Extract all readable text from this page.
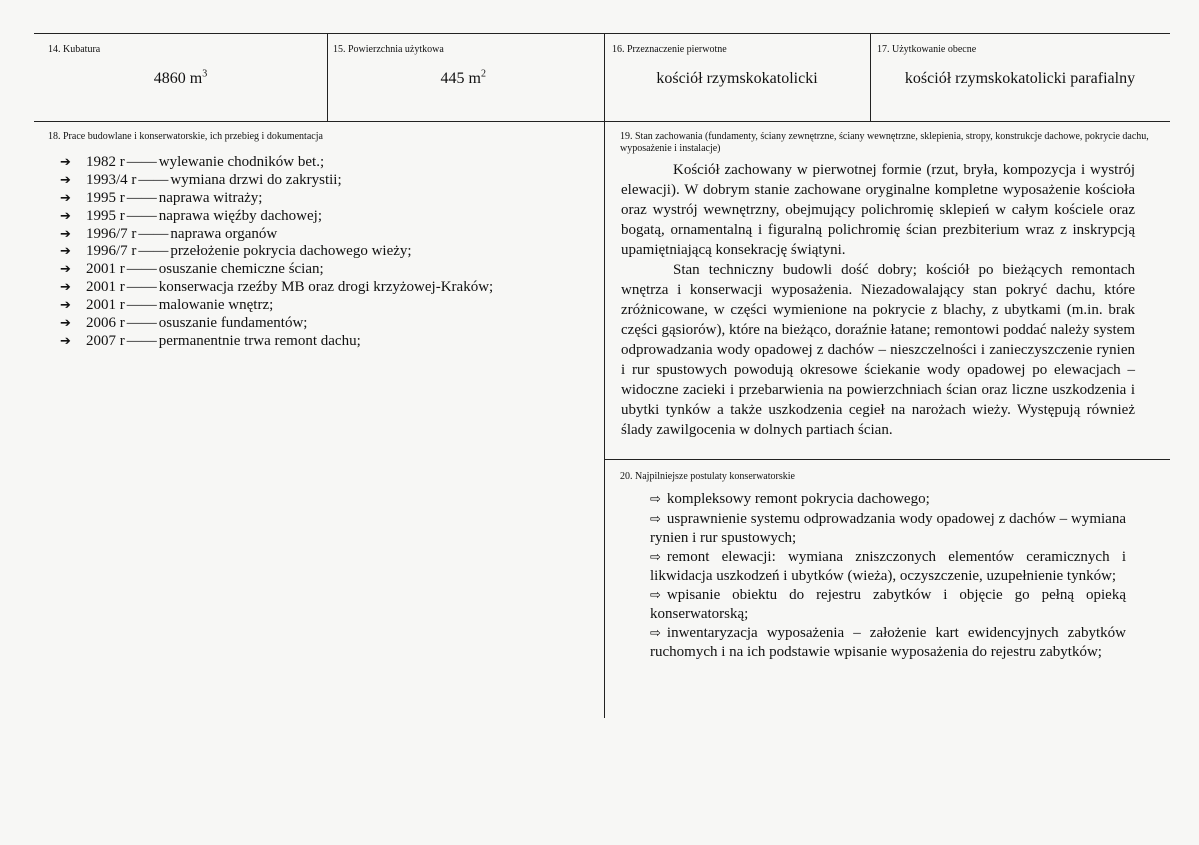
14. Kubatura
4860 $m^3$
15. Powierzchnia użytkowa
445 $m^2$
16. Przeznaczenie pierwotne
kościół rzymskokatolicki
17. Użytkowanie obecne
kościół rzymskokatolicki parafialny
18. Prace budowlane i konserwatorskie, ich przebieg i dokumentacja
➔	1982 r —— wylewanie chodników bet.;
➔	1993/4 r —— wymiana drzwi do zakrystii;
➔	1995 r —— naprawa witraży;
➔	1995 r —— naprawa więźby dachowej;
➔	1996/7 r —— naprawa organów
➔	1996/7 r —— przełożenie pokrycia dachowego wieży;
➔	2001 r —— osuszanie chemiczne ścian;
➔	2001 r —— konserwacja rzeźby MB oraz drogi krzyżowej-Kraków;
➔	2001 r —— malowanie wnętrz;
➔	2006 r —— osuszanie fundamentów;
➔	2007 r —— permanentnie trwa remont dachu;
19. Stan zachowania (fundamenty, ściany zewnętrzne, ściany wewnętrzne, sklepienia, stropy, konstrukcje dachowe, pokrycie dachu, wyposażenie i instalacje)

Kościół zachowany w pierwotnej formie (rzut, bryła, kompozycja i wystrój elewacji). W dobrym stanie zachowane oryginalne kompletne wyposażenie kościoła oraz wystrój wewnętrzny, obejmujący polichromię sklepień w całym kościele oraz bogatą, ornamentalną i figuralną polichromię ścian prezbiterium wraz z inskrypcją upamiętniającą konsekrację świątyni.

Stan techniczny budowli dość dobry; kościół po bieżących remontach wnętrza i konserwacji wyposażenia. Niezadowalający stan pokryć dachu, które zróżnicowane, w części wymienione na pokrycie z blachy, z ubytkami (m.in. brak części gąsiorów), które na bieżąco, doraźnie łatane; remontowi poddać należy system odprowadzania wody opadowej z dachów – nieszczelności i zanieczyszczenie rynien i rur spustowych powodują okresowe ściekanie wody opadowej po elewacjach – widoczne zacieki i przebarwienia na powierzchniach ścian oraz liczne uszkodzenia i ubytki tynków a także uszkodzenia cegieł na narożach wieży. Występują również ślady zawilgocenia w dolnych partiach ścian.

20. Najpilniejsze postulaty konserwatorskie
⇨ kompleksowy remont pokrycia dachowego;
⇨ usprawnienie systemu odprowadzania wody opadowej z dachów – wymiana rynien i rur spustowych;
⇨ remont elewacji: wymiana zniszczonych elementów ceramicznych i likwidacja uszkodzeń i ubytków (wieża), oczyszczenie, uzupełnienie tynków;
⇨ wpisanie obiektu do rejestru zabytków i objęcie go pełną opieką konserwatorską;
⇨ inwentaryzacja wyposażenia – założenie kart ewidencyjnych zabytków ruchomych i na ich podstawie wpisanie wyposażenia do rejestru zabytków;
